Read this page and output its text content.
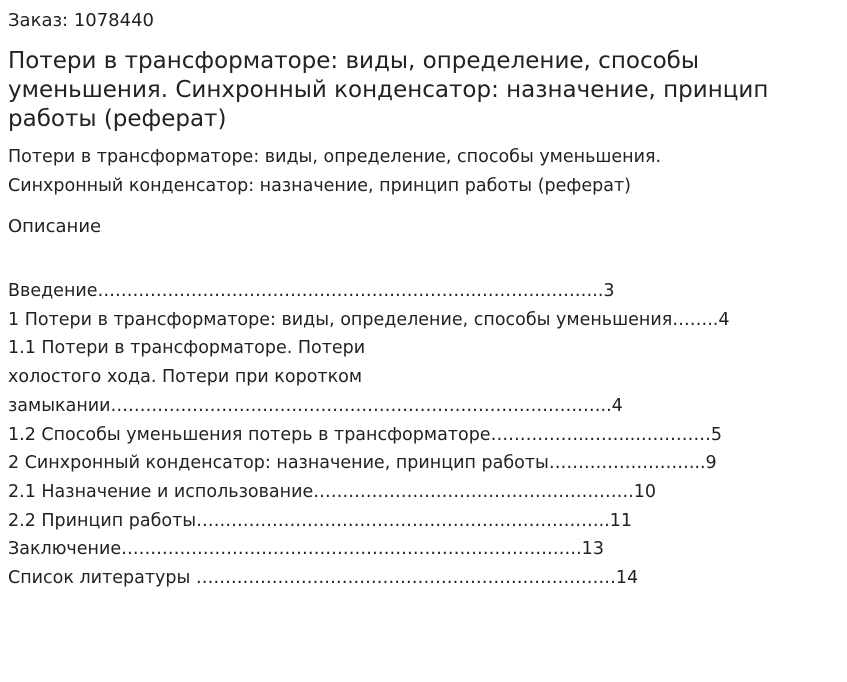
Заказ: 1078440
Потери в трансформаторе: виды, определение, способы уменьшения. Синхронный конденсатор: назначение, принцип работы (реферат)

Потери в трансформаторе: виды, определение, способы уменьшения.
Синхронный конденсатор: назначение, принцип работы (реферат)

Описание
Введение………………………………………………………..………..………..3
1 Потери в трансформаторе: виды, определение, способы уменьшения……..4
1.1 Потери в трансформаторе. Потери
холостого хода. Потери при коротком
замыкании…………………………………………………………………………..4
1.2 Способы уменьшения потерь в трансформаторе……………..……...…………5
2 Синхронный конденсатор: назначение, принцип работы……………………...9
2.1 Назначение и использование……………………………………………….10
2.2 Принцип работы……………………………………………………………..11
Заключение…………………………………………………………………….13
Список литературы ………………………………………………………………14
